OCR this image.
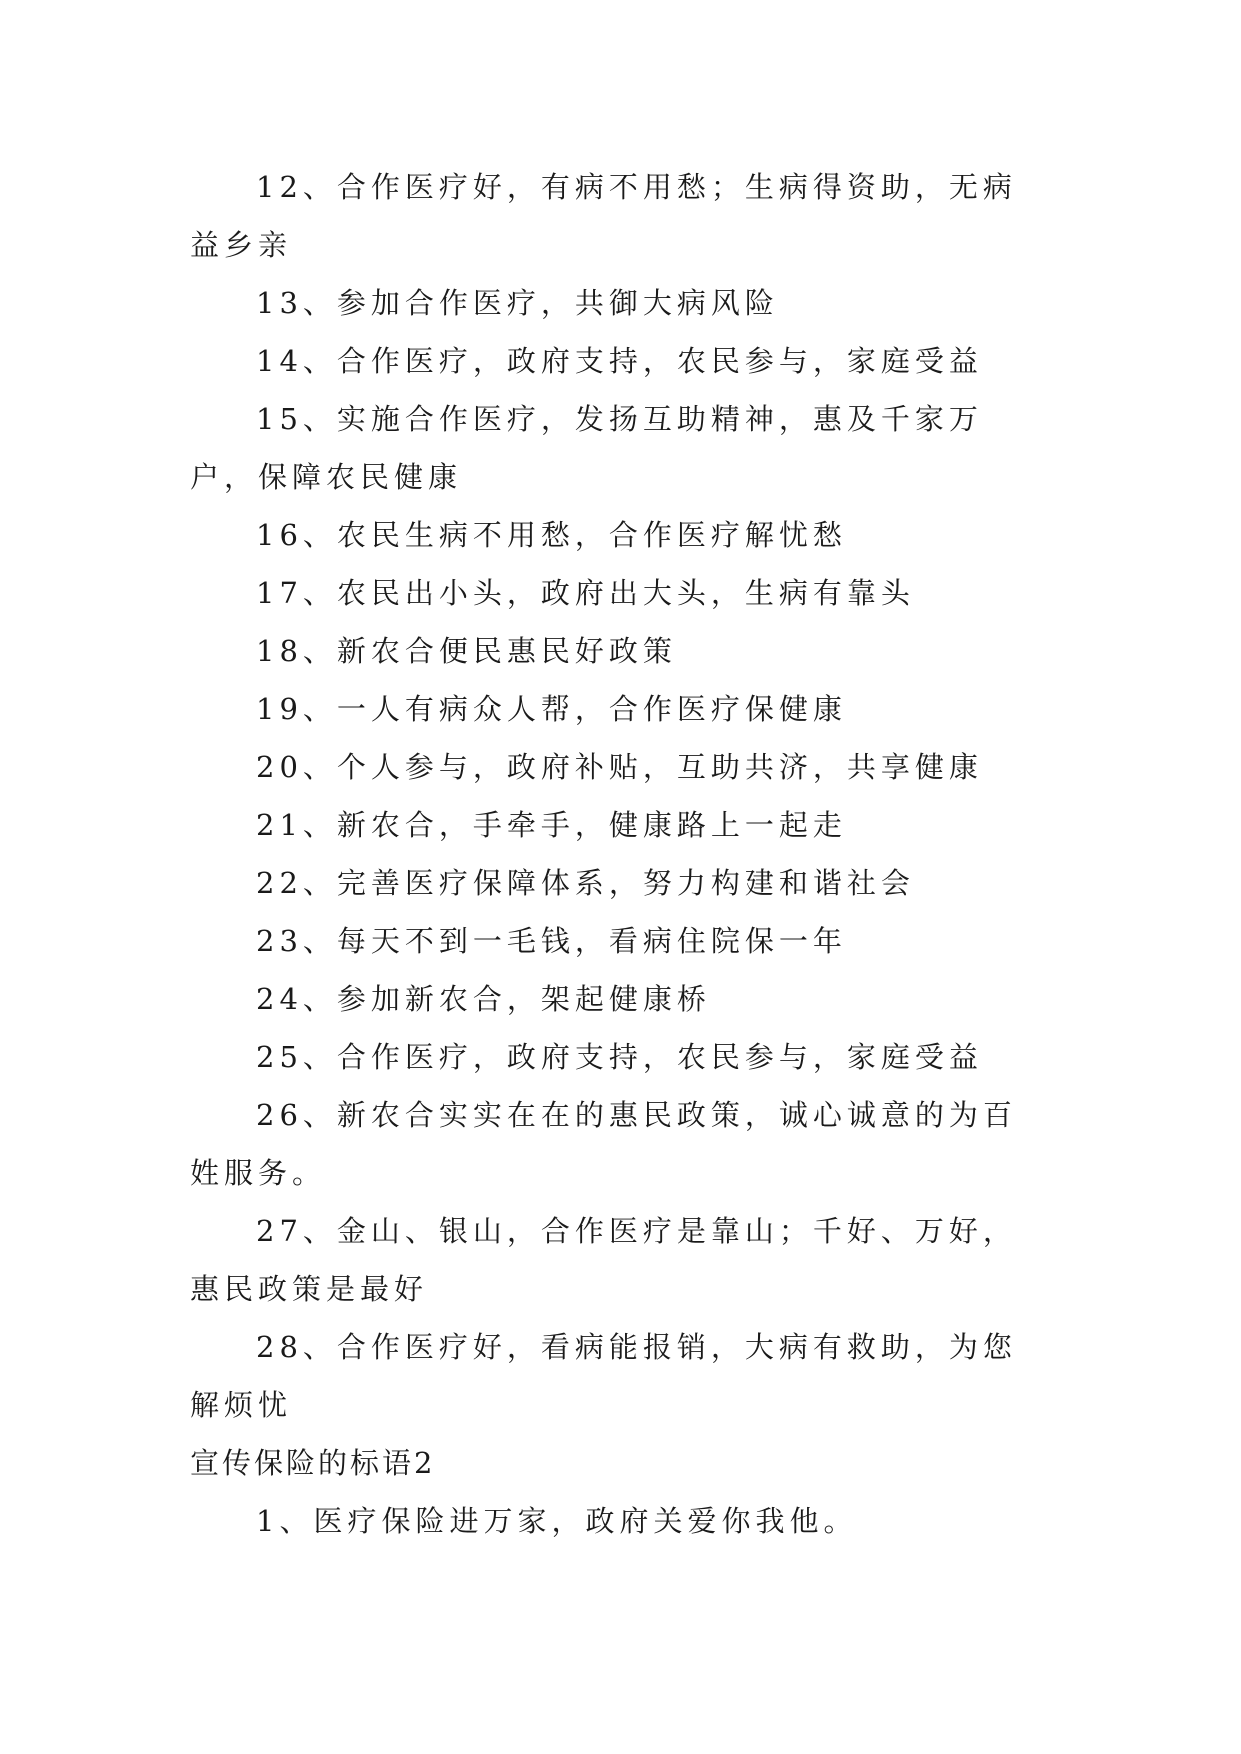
12、合作医疗好，有病不用愁；生病得资助，无病益乡亲

13、参加合作医疗，共御大病风险

14、合作医疗，政府支持，农民参与，家庭受益

15、实施合作医疗，发扬互助精神，惠及千家万户，保障农民健康

16、农民生病不用愁，合作医疗解忧愁

17、农民出小头，政府出大头，生病有靠头

18、新农合便民惠民好政策

19、一人有病众人帮，合作医疗保健康

20、个人参与，政府补贴，互助共济，共享健康

21、新农合，手牵手，健康路上一起走

22、完善医疗保障体系，努力构建和谐社会

23、每天不到一毛钱，看病住院保一年

24、参加新农合，架起健康桥

25、合作医疗，政府支持，农民参与，家庭受益

26、新农合实实在在的惠民政策，诚心诚意的为百姓服务。

27、金山、银山，合作医疗是靠山；千好、万好，惠民政策是最好

28、合作医疗好，看病能报销，大病有救助，为您解烦忧

宣传保险的标语2

1、医疗保险进万家，政府关爱你我他。
